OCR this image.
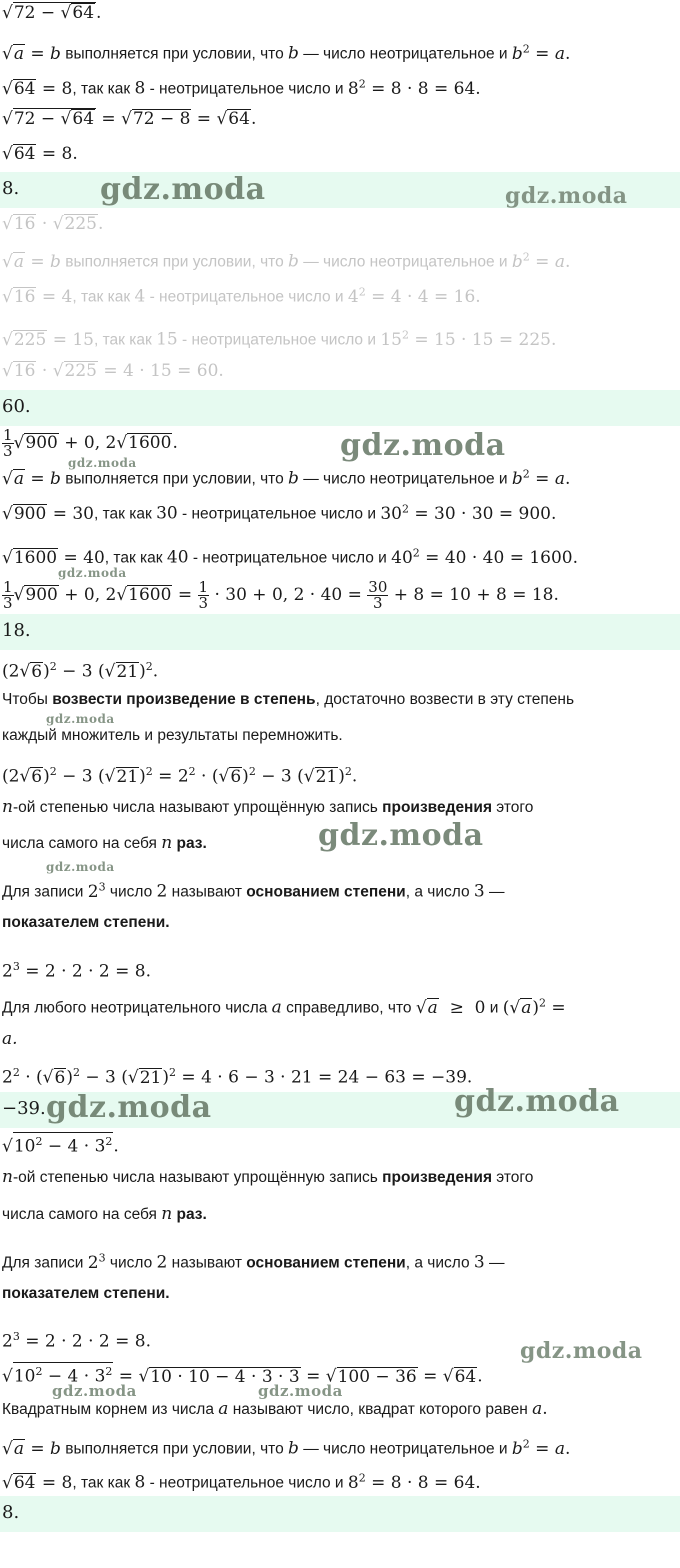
√72 − √64 .
√a = b выполняется при условии, что b — число неотрицательное и $b^2 = a$.
√64 = 8, так как 8 - неотрицательное число и $8^2 = 8 \cdot 8 = 64$.
√72 − √64 = √72 − 8 = √64.
√64 = 8.
8.	gdz.moda	gdz.moda
√16 · √225.
√a = b выполняется при условии, что b — число неотрицательное и $b^2 = a$.
√16 = 4, так как 4 - неотрицательное число и $4^2 = 4 \cdot 4 = 16$.
√225 = 15, так как 15 - неотрицательное число и $15^2 = 15 \cdot 15 = 225$.
√16 · √225 = 4 · 15 = 60.
60.
$\frac{1}{3} √900 + 0$, 2√1600.	gdz.moda
√a = b выполняется при условии, что b — число неотрицательное и $b^2 = a$.
gdz.moda
√900 = 30, так как 30 - неотрицательное число и $30^2 = 30 \cdot 30 = 900$.
√1600 = 40, так как 40 - неотрицательное число и $40^2 = 40 \cdot 40 = 1600$.
gdz.moda
$\frac{1}{3} √900 + 0$, $2√1600 = \frac{1}{3} \cdot 30 + 0$, $2 \cdot 40 = \frac{30}{3} + 8 = 10 + 8 = 18$.
18.
$(2√6)^2 - 3$ $(√21)^2$.
Чтобы возвести произведение в степень, достаточно возвести в эту степень
gdz.moda
каждый множитель и результаты перемножить.
$(2√6)^2 - 3$ $(√21)^2 = 2^2 \cdot (√6)^2 - 3$ $(√21)^2$.
n-ой степенью числа называют упрощённую запись произведения этого
числа самого на себя n раз.	gdz.moda
gdz.moda
Для записи $2^3$ число 2 называют основанием степени, а число 3 —
показателем степени.
$2^3 = 2 \cdot 2 \cdot 2 = 8$.
Для любого неотрицательного числа a справедливо, что √a  ≥  0 и $(√a)^2$ =
a.
$2^2 \cdot (√6)^2 - 3$ $(√21)^2 = 4 \cdot 6 - 3 \cdot 21 = 24 - 63 = -39$.
−39. gdz.moda	gdz.moda
$√10^2 - 4 \cdot 3^2$.
n-ой степенью числа называют упрощённую запись произведения этого
числа самого на себя n раз.
Для записи $2^3$ число 2 называют основанием степени, а число 3 —
показателем степени.
$2^3 = 2 \cdot 2 \cdot 2 = 8$.	gdz.moda
$√10^2 - 4 \cdot 3^2 = √10 \cdot 10 - 4 \cdot 3 \cdot 3 = √100 - 36 = √64$.
gdz.moda	gdz.moda
Квадратным корнем из числа a называют число, квадрат которого равен a.
√a = b выполняется при условии, что b — число неотрицательное и $b^2 = a$.
√64 = 8, так как 8 - неотрицательное число и $8^2 = 8 \cdot 8 = 64$.
8.
